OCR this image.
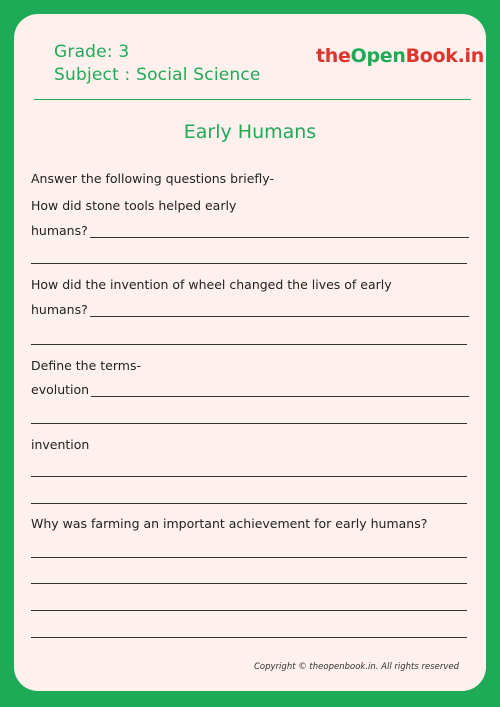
Grade: 3
Subject : Social Science
theOpenBook.in
Early Humans
Answer the following questions briefly-
How did stone tools helped early
humans?
How did the invention of wheel changed the lives of early
humans?
Define the terms-
evolution
invention
Why was farming an important achievement for early humans?
Copyright © theopenbook.in. All rights reserved
